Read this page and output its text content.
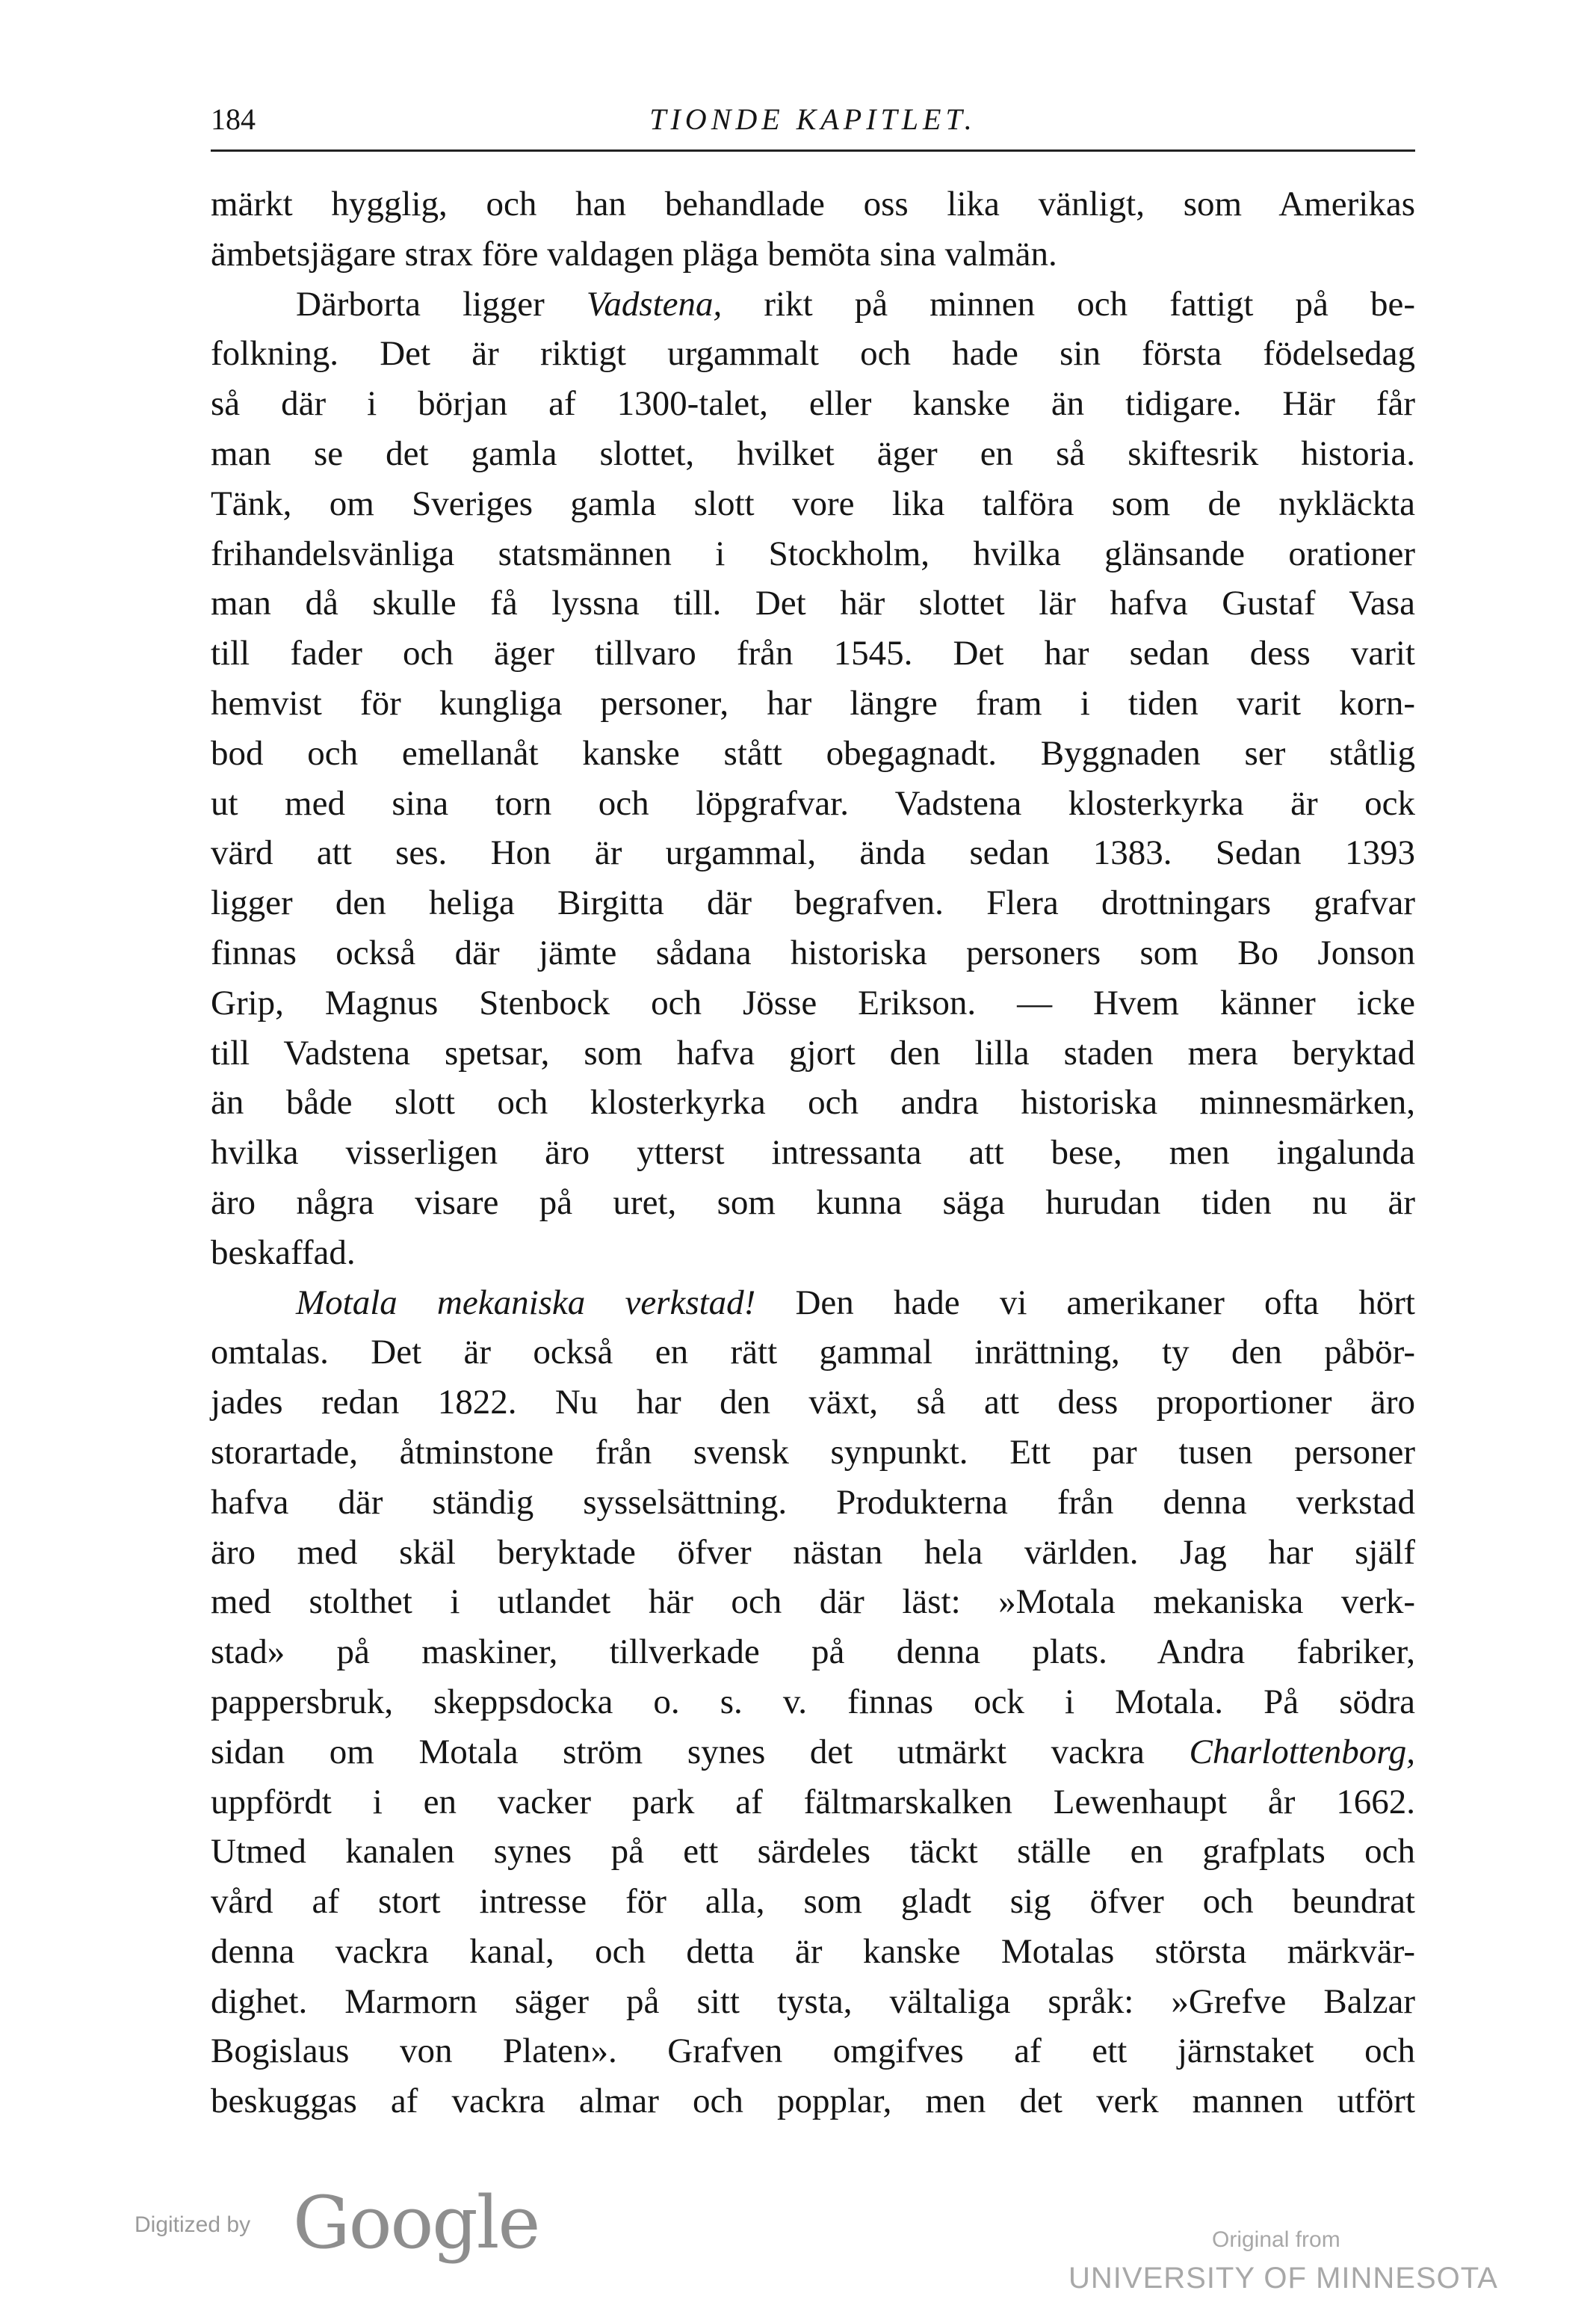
184	TIONDE KAPITLET.
märkt hygglig, och han behandlade oss lika vänligt, som Amerikas
ämbetsjägare strax före valdagen pläga bemöta sina valmän.
Därborta ligger Vadstena, rikt på minnen och fattigt på be-
folkning. Det är riktigt urgammalt och hade sin första födelsedag
så där i början af 1300-talet, eller kanske än tidigare. Här får
man se det gamla slottet, hvilket äger en så skiftesrik historia.
Tänk, om Sveriges gamla slott vore lika talföra som de nykläckta
frihandelsvänliga statsmännen i Stockholm, hvilka glänsande orationer
man då skulle få lyssna till. Det här slottet lär hafva Gustaf Vasa
till fader och äger tillvaro från 1545. Det har sedan dess varit
hemvist för kungliga personer, har längre fram i tiden varit korn-
bod och emellanåt kanske stått obegagnadt. Byggnaden ser ståtlig
ut med sina torn och löpgrafvar. Vadstena klosterkyrka är ock
värd att ses. Hon är urgammal, ända sedan 1383. Sedan 1393
ligger den heliga Birgitta där begrafven. Flera drottningars grafvar
finnas också där jämte sådana historiska personers som Bo Jonson
Grip, Magnus Stenbock och Jösse Erikson. — Hvem känner icke
till Vadstena spetsar, som hafva gjort den lilla staden mera beryktad
än både slott och klosterkyrka och andra historiska minnesmärken,
hvilka visserligen äro ytterst intressanta att bese, men ingalunda
äro några visare på uret, som kunna säga hurudan tiden nu är
beskaffad.
Motala mekaniska verkstad! Den hade vi amerikaner ofta hört
omtalas. Det är också en rätt gammal inrättning, ty den påbör-
jades redan 1822. Nu har den växt, så att dess proportioner äro
storartade, åtminstone från svensk synpunkt. Ett par tusen personer
hafva där ständig sysselsättning. Produkterna från denna verkstad
äro med skäl beryktade öfver nästan hela världen. Jag har själf
med stolthet i utlandet här och där läst: »Motala mekaniska verk-
stad» på maskiner, tillverkade på denna plats. Andra fabriker,
pappersbruk, skeppsdocka o. s. v. finnas ock i Motala. På södra
sidan om Motala ström synes det utmärkt vackra Charlottenborg,
uppfördt i en vacker park af fältmarskalken Lewenhaupt år 1662.
Utmed kanalen synes på ett särdeles täckt ställe en grafplats och
vård af stort intresse för alla, som gladt sig öfver och beundrat
denna vackra kanal, och detta är kanske Motalas största märkvär-
dighet. Marmorn säger på sitt tysta, vältaliga språk: »Grefve Balzar
Bogislaus von Platen». Grafven omgifves af ett järnstaket och
beskuggas af vackra almar och popplar, men det verk mannen utfört
Digitized by Google	Original from
UNIVERSITY OF MINNESOTA
